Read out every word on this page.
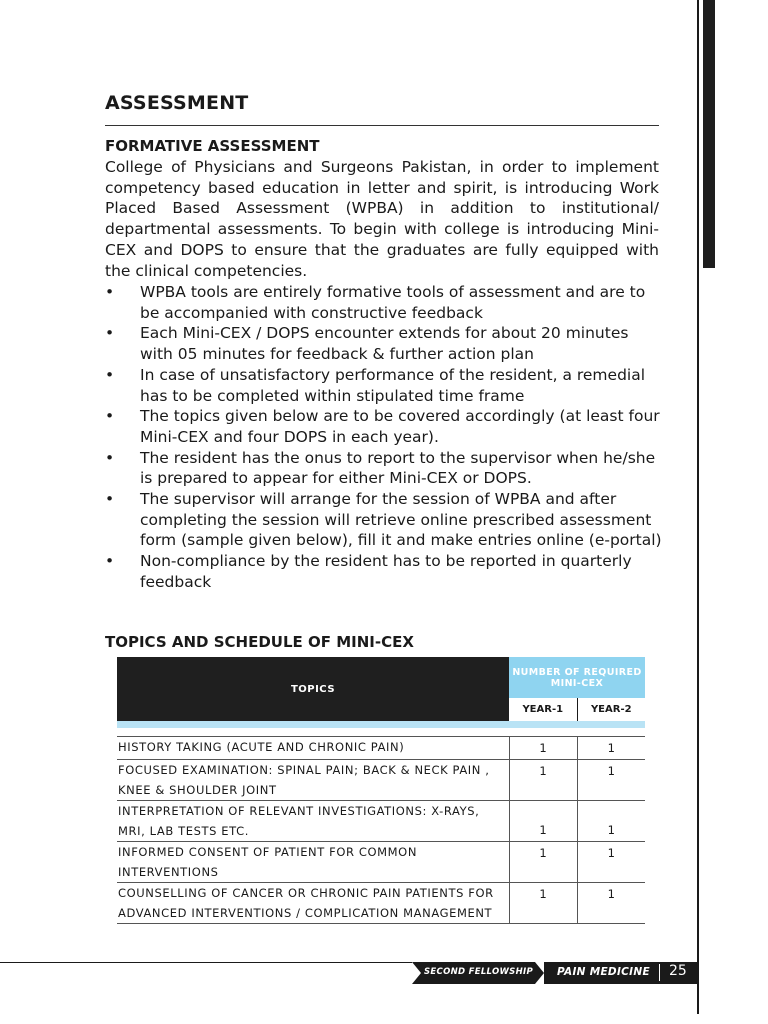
ASSESSMENT
FORMATIVE ASSESSMENT
College of Physicians and Surgeons Pakistan, in order to implement competency based education in letter and spirit, is introducing Work Placed Based Assessment (WPBA) in addition to institutional/ departmental assessments. To begin with college is introducing Mini-CEX and DOPS to ensure that the graduates are fully equipped with the clinical competencies.
•	WPBA tools are entirely formative tools of assessment and are to be accompanied with constructive feedback
•	Each Mini-CEX / DOPS encounter extends for about 20 minutes with 05 minutes for feedback & further action plan
•	In case of unsatisfactory performance of the resident, a remedial has to be completed within stipulated time frame
•	The topics given below are to be covered accordingly (at least four Mini-CEX and four DOPS in each year).
•	The resident has the onus to report to the supervisor when he/she is prepared to appear for either Mini-CEX or DOPS.
•	The supervisor will arrange for the session of WPBA and after completing the session will retrieve online prescribed assessment form (sample given below), fill it and make entries online (e-portal)
•	Non-compliance by the resident has to be reported in quarterly feedback
TOPICS AND SCHEDULE OF MINI-CEX
TOPICS	NUMBER OF REQUIRED MINI-CEX	
	YEAR-1	YEAR-2

HISTORY TAKING (ACUTE AND CHRONIC PAIN)	1	1
FOCUSED EXAMINATION: SPINAL PAIN; BACK & NECK PAIN , KNEE & SHOULDER JOINT	1	1
INTERPRETATION OF RELEVANT INVESTIGATIONS: X-RAYS, MRI, LAB TESTS ETC.	1	1
INFORMED CONSENT OF PATIENT FOR COMMON INTERVENTIONS	1	1
COUNSELLING OF CANCER OR CHRONIC PAIN PATIENTS FOR ADVANCED INTERVENTIONS / COMPLICATION MANAGEMENT	1	1
SECOND FELLOWSHIP PAIN MEDICINE 25
